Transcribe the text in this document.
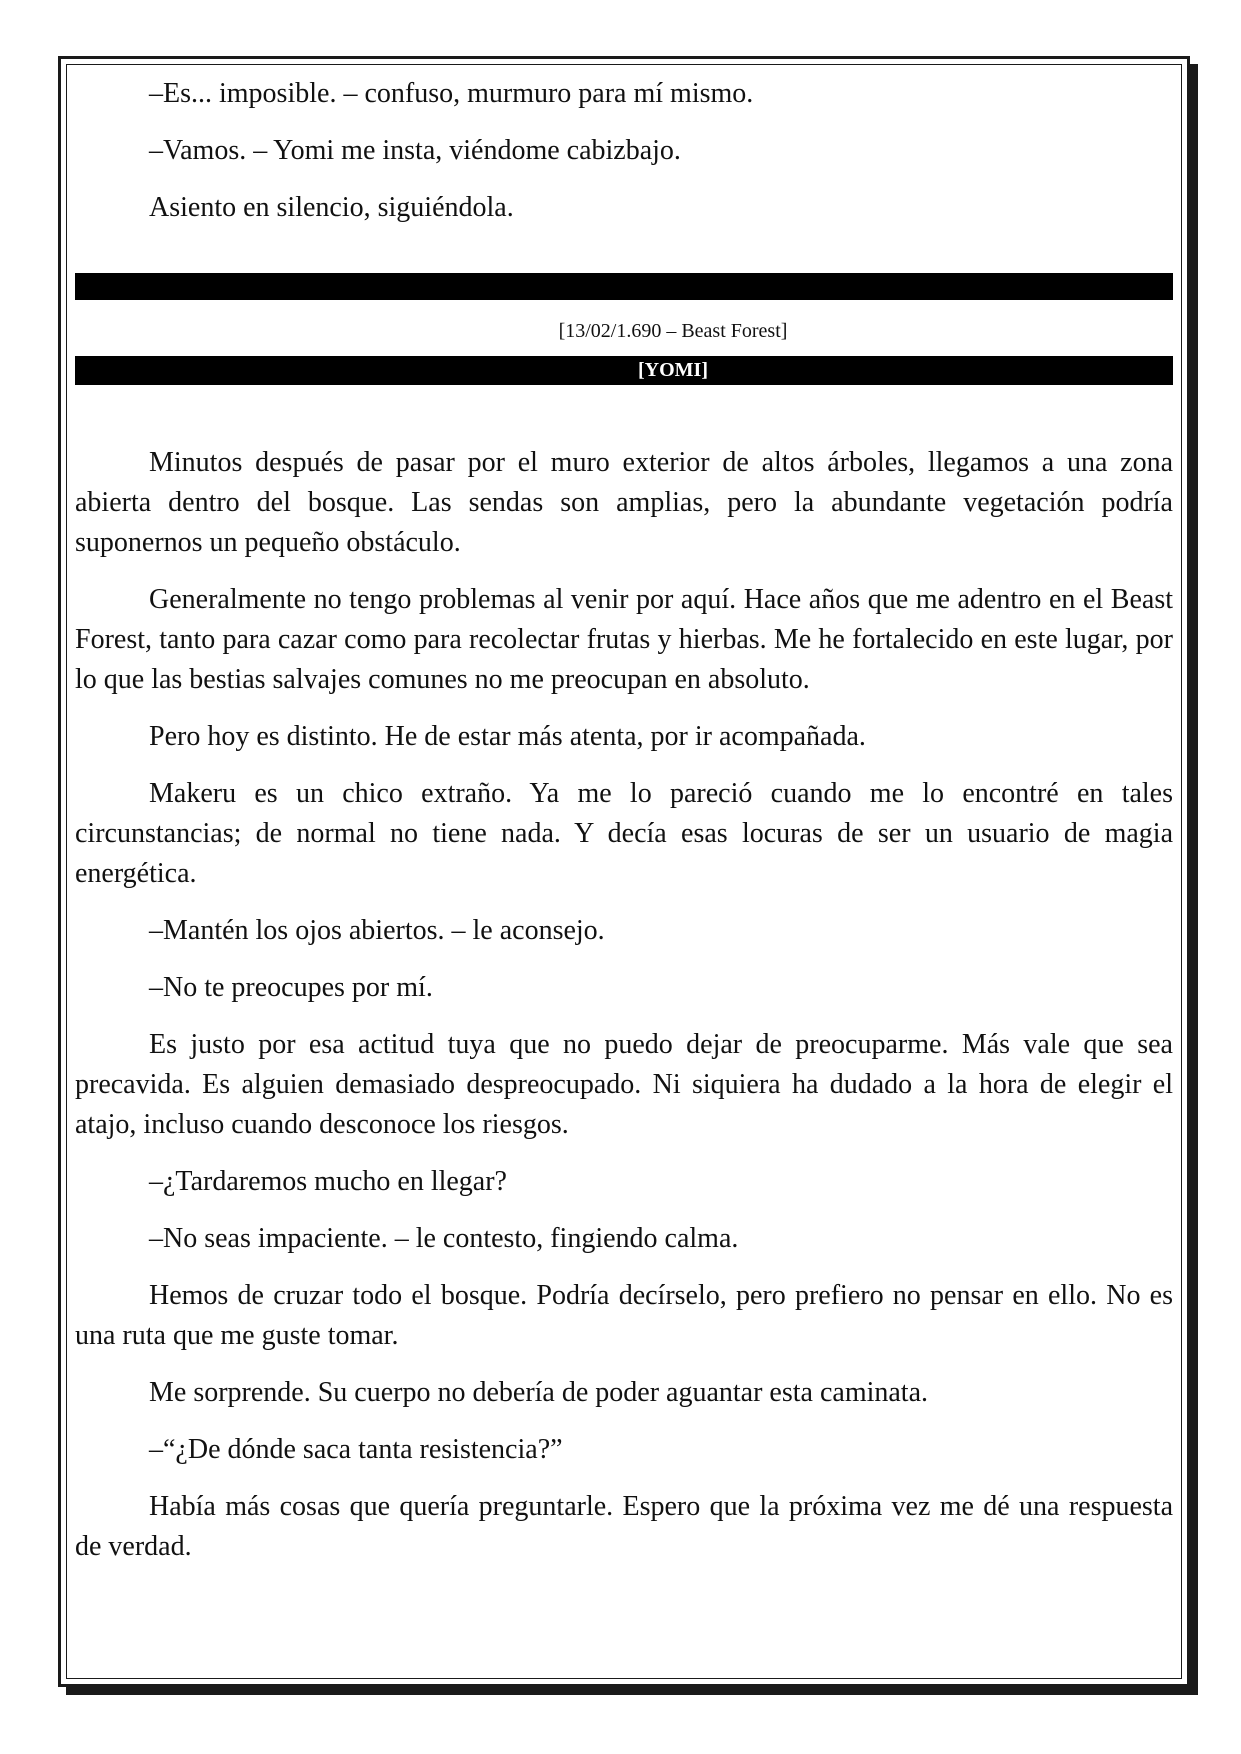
–Es... imposible. – confuso, murmuro para mí mismo.

–Vamos. – Yomi me insta, viéndome cabizbajo.

Asiento en silencio, siguiéndola.

[13/02/1.690 – Beast Forest]
[YOMI]

Minutos después de pasar por el muro exterior de altos árboles, llegamos a una zona abierta dentro del bosque. Las sendas son amplias, pero la abundante vegetación podría suponernos un pequeño obstáculo.

Generalmente no tengo problemas al venir por aquí. Hace años que me adentro en el Beast Forest, tanto para cazar como para recolectar frutas y hierbas. Me he fortalecido en este lugar, por lo que las bestias salvajes comunes no me preocupan en absoluto.

Pero hoy es distinto. He de estar más atenta, por ir acompañada.

Makeru es un chico extraño. Ya me lo pareció cuando me lo encontré en tales circunstancias; de normal no tiene nada. Y decía esas locuras de ser un usuario de magia energética.

–Mantén los ojos abiertos. – le aconsejo.

–No te preocupes por mí.

Es justo por esa actitud tuya que no puedo dejar de preocuparme. Más vale que sea precavida. Es alguien demasiado despreocupado. Ni siquiera ha dudado a la hora de elegir el atajo, incluso cuando desconoce los riesgos.

–¿Tardaremos mucho en llegar?

–No seas impaciente. – le contesto, fingiendo calma.

Hemos de cruzar todo el bosque. Podría decírselo, pero prefiero no pensar en ello. No es una ruta que me guste tomar.

Me sorprende. Su cuerpo no debería de poder aguantar esta caminata.

–“¿De dónde saca tanta resistencia?”

Había más cosas que quería preguntarle. Espero que la próxima vez me dé una respuesta de verdad.
